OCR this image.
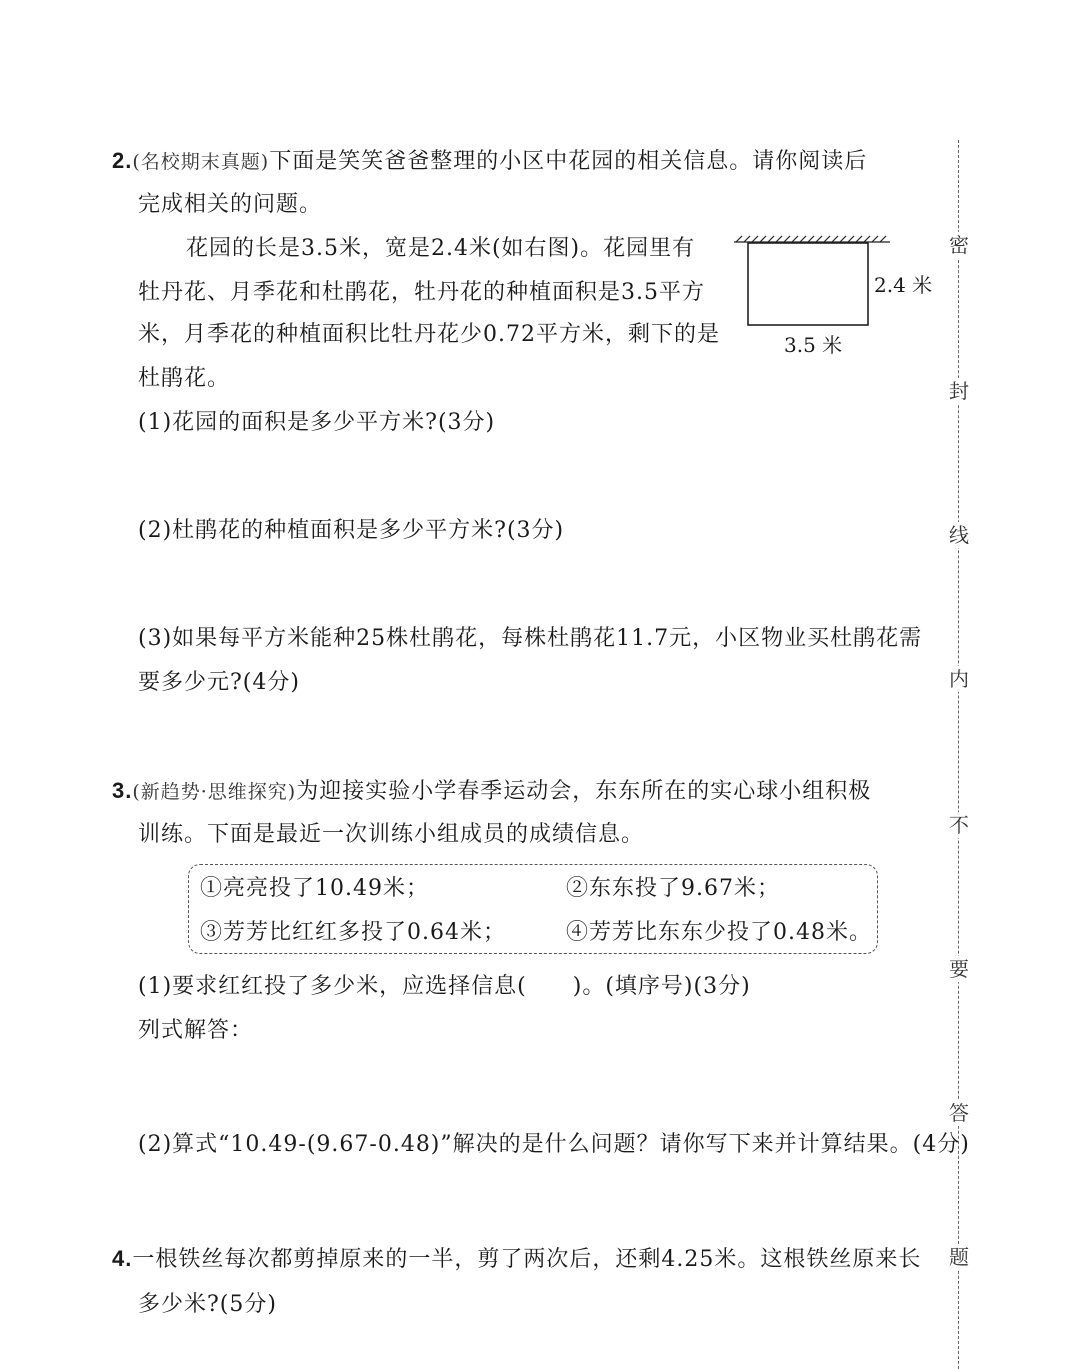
2.(名校期末真题)下面是笑笑爸爸整理的小区中花园的相关信息。请你阅读后
完成相关的问题。
花园的长是3.5米，宽是2.4米(如右图)。花园里有
牡丹花、月季花和杜鹃花，牡丹花的种植面积是3.5平方
米，月季花的种植面积比牡丹花少0.72平方米，剩下的是
杜鹃花。
2.4 米
3.5 米
(1)花园的面积是多少平方米?(3分)
(2)杜鹃花的种植面积是多少平方米?(3分)
(3)如果每平方米能种25株杜鹃花，每株杜鹃花11.7元，小区物业买杜鹃花需
要多少元?(4分)
3.(新趋势·思维探究)为迎接实验小学春季运动会，东东所在的实心球小组积极
训练。下面是最近一次训练小组成员的成绩信息。
①亮亮投了10.49米；	②东东投了9.67米；
③芳芳比红红多投了0.64米；	④芳芳比东东少投了0.48米。
(1)要求红红投了多少米，应选择信息(　　)。(填序号)(3分)
列式解答：
(2)算式“10.49-(9.67-0.48)”解决的是什么问题？请你写下来并计算结果。(4分)
4.一根铁丝每次都剪掉原来的一半，剪了两次后，还剩4.25米。这根铁丝原来长
多少米?(5分)
密
封
线
内
不
要
答
题
